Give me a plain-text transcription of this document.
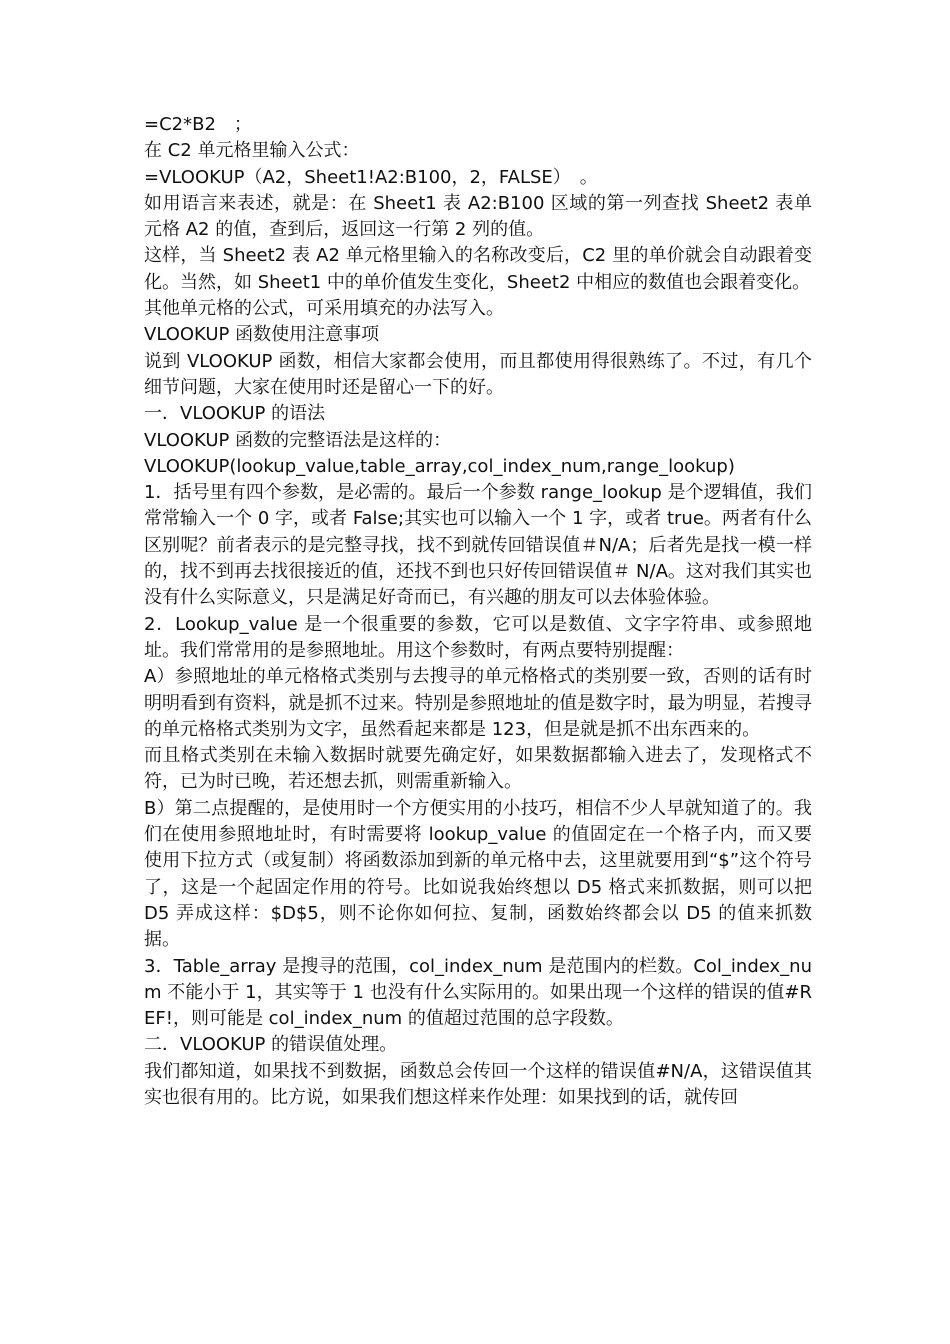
=C2*B2　；

在 C2 单元格里输入公式：

=VLOOKUP（A2，Sheet1!A2:B100，2，FALSE）　。

如用语言来表述，就是：在 Sheet1 表 A2:B100 区域的第一列查找 Sheet2 表单元格 A2 的值，查到后，返回这一行第 2 列的值。

这样，当 Sheet2 表 A2 单元格里输入的名称改变后，C2 里的单价就会自动跟着变化。当然，如 Sheet1 中的单价值发生变化，Sheet2 中相应的数值也会跟着变化。

其他单元格的公式，可采用填充的办法写入。

VLOOKUP 函数使用注意事项

说到 VLOOKUP 函数，相信大家都会使用，而且都使用得很熟练了。不过，有几个细节问题，大家在使用时还是留心一下的好。

一．VLOOKUP 的语法

VLOOKUP 函数的完整语法是这样的：

VLOOKUP(lookup_value,table_array,col_index_num,range_lookup)

1．括号里有四个参数，是必需的。最后一个参数 range_lookup 是个逻辑值，我们常常输入一个 0 字，或者 False;其实也可以输入一个 1 字，或者 true。两者有什么区别呢？前者表示的是完整寻找，找不到就传回错误值＃N/A；后者先是找一模一样的，找不到再去找很接近的值，还找不到也只好传回错误值＃ N/A。这对我们其实也没有什么实际意义，只是满足好奇而已，有兴趣的朋友可以去体验体验。

2．Lookup_value 是一个很重要的参数，它可以是数值、文字字符串、或参照地址。我们常常用的是参照地址。用这个参数时，有两点要特别提醒：

A）参照地址的单元格格式类别与去搜寻的单元格格式的类别要一致，否则的话有时明明看到有资料，就是抓不过来。特别是参照地址的值是数字时，最为明显，若搜寻的单元格格式类别为文字，虽然看起来都是 123，但是就是抓不出东西来的。

而且格式类别在未输入数据时就要先确定好，如果数据都输入进去了，发现格式不符，已为时已晚，若还想去抓，则需重新输入。

B）第二点提醒的，是使用时一个方便实用的小技巧，相信不少人早就知道了的。我们在使用参照地址时，有时需要将 lookup_value 的值固定在一个格子内，而又要使用下拉方式（或复制）将函数添加到新的单元格中去，这里就要用到“$”这个符号了，这是一个起固定作用的符号。比如说我始终想以 D5 格式来抓数据，则可以把 D5 弄成这样：$D$5，则不论你如何拉、复制，函数始终都会以 D5 的值来抓数据。

3．Table_array 是搜寻的范围，col_index_num 是范围内的栏数。Col_index_num 不能小于 1，其实等于 1 也没有什么实际用的。如果出现一个这样的错误的值#REF!，则可能是 col_index_num 的值超过范围的总字段数。

二．VLOOKUP 的错误值处理。

我们都知道，如果找不到数据，函数总会传回一个这样的错误值#N/A，这错误值其实也很有用的。比方说，如果我们想这样来作处理：如果找到的话，就传回
